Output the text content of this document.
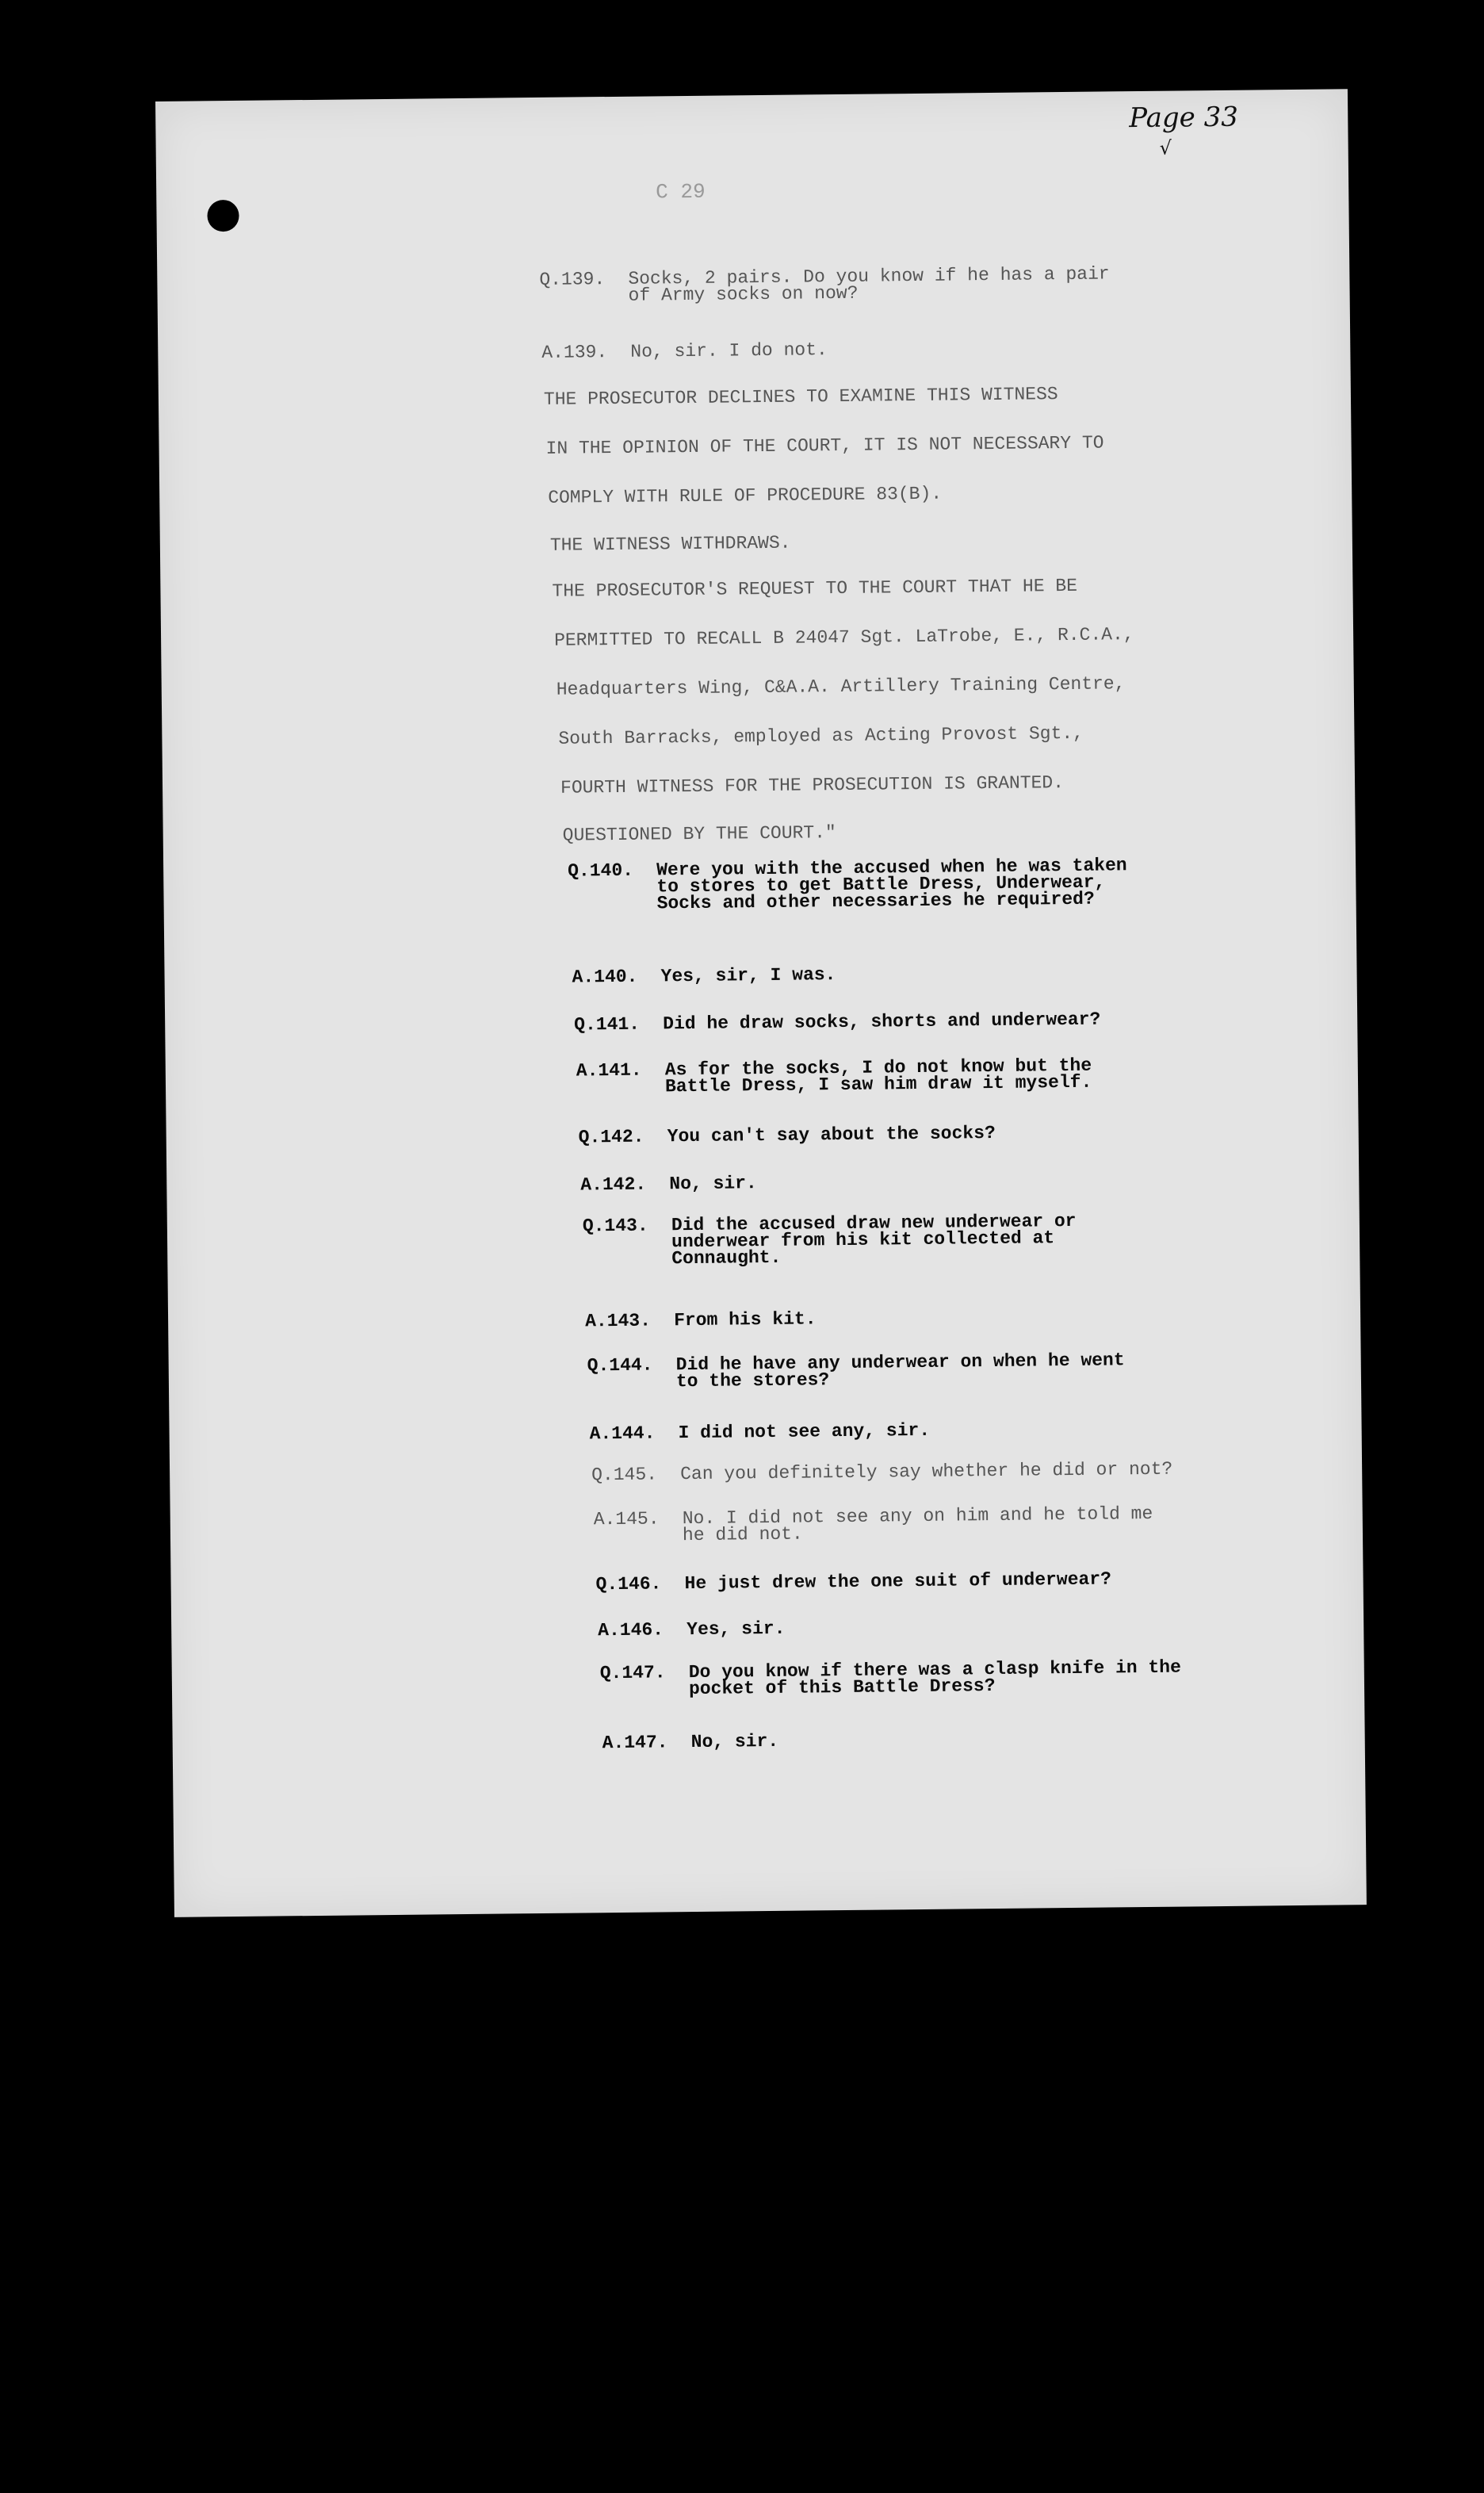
Page 33
√
C 29
Q.139.	Socks, 2 pairs. Do you know if he has a pair
of Army socks on now?
A.139.	No, sir. I do not.
THE PROSECUTOR DECLINES TO EXAMINE THIS WITNESS
IN THE OPINION OF THE COURT, IT IS NOT NECESSARY TO
COMPLY WITH RULE OF PROCEDURE 83(B).
THE WITNESS WITHDRAWS.
THE PROSECUTOR'S REQUEST TO THE COURT THAT HE BE
PERMITTED TO RECALL B 24047 Sgt. LaTrobe, E., R.C.A.,
Headquarters Wing, C&A.A. Artillery Training Centre,
South Barracks, employed as Acting Provost Sgt.,
FOURTH WITNESS FOR THE PROSECUTION IS GRANTED.
QUESTIONED BY THE COURT."
Q.140.	Were you with the accused when he was taken
to stores to get Battle Dress, Underwear,
Socks and other necessaries he required?
A.140.	Yes, sir, I was.
Q.141.	Did he draw socks, shorts and underwear?
A.141.	As for the socks, I do not know but the
Battle Dress, I saw him draw it myself.
Q.142.	You can't say about the socks?
A.142.	No, sir.
Q.143.	Did the accused draw new underwear or
underwear from his kit collected at
Connaught.
A.143.	From his kit.
Q.144.	Did he have any underwear on when he went
to the stores?
A.144.	I did not see any, sir.
Q.145.	Can you definitely say whether he did or not?
A.145.	No. I did not see any on him and he told me
he did not.
Q.146.	He just drew the one suit of underwear?
A.146.	Yes, sir.
Q.147.	Do you know if there was a clasp knife in the
pocket of this Battle Dress?
A.147.	No, sir.
